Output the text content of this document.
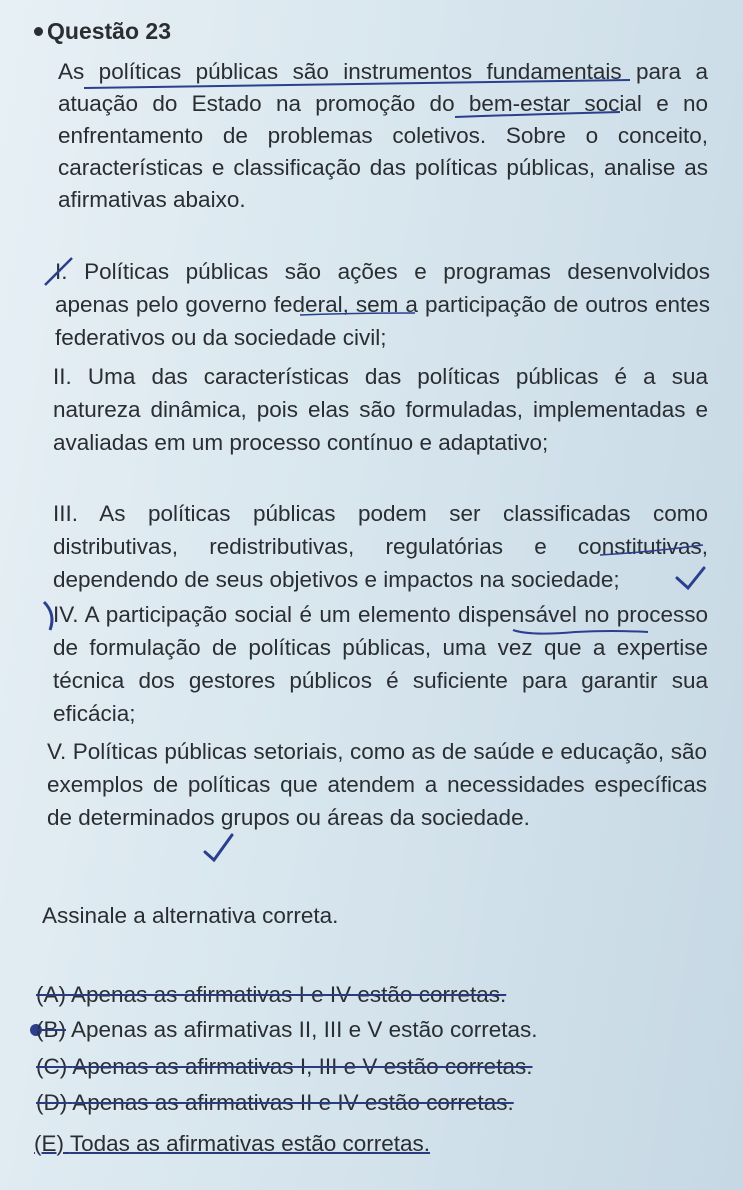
Questão 23
As políticas públicas são instrumentos fundamentais para a atuação do Estado na promoção do bem-estar social e no enfrentamento de problemas coletivos. Sobre o conceito, características e classificação das políticas públicas, analise as afirmativas abaixo.
I. Políticas públicas são ações e programas desenvolvidos apenas pelo governo federal, sem a participação de outros entes federativos ou da sociedade civil;
II. Uma das características das políticas públicas é a sua natureza dinâmica, pois elas são formuladas, implementadas e avaliadas em um processo contínuo e adaptativo;
III. As políticas públicas podem ser classificadas como distributivas, redistributivas, regulatórias e constitutivas, dependendo de seus objetivos e impactos na sociedade;
IV. A participação social é um elemento dispensável no processo de formulação de políticas públicas, uma vez que a expertise técnica dos gestores públicos é suficiente para garantir sua eficácia;
V. Políticas públicas setoriais, como as de saúde e educação, são exemplos de políticas que atendem a necessidades específicas de determinados grupos ou áreas da sociedade.
Assinale a alternativa correta.
(A) Apenas as afirmativas I e IV estão corretas.
(B) Apenas as afirmativas II, III e V estão corretas.
(C) Apenas as afirmativas I, III e V estão corretas.
(D) Apenas as afirmativas II e IV estão corretas.
(E) Todas as afirmativas estão corretas.
